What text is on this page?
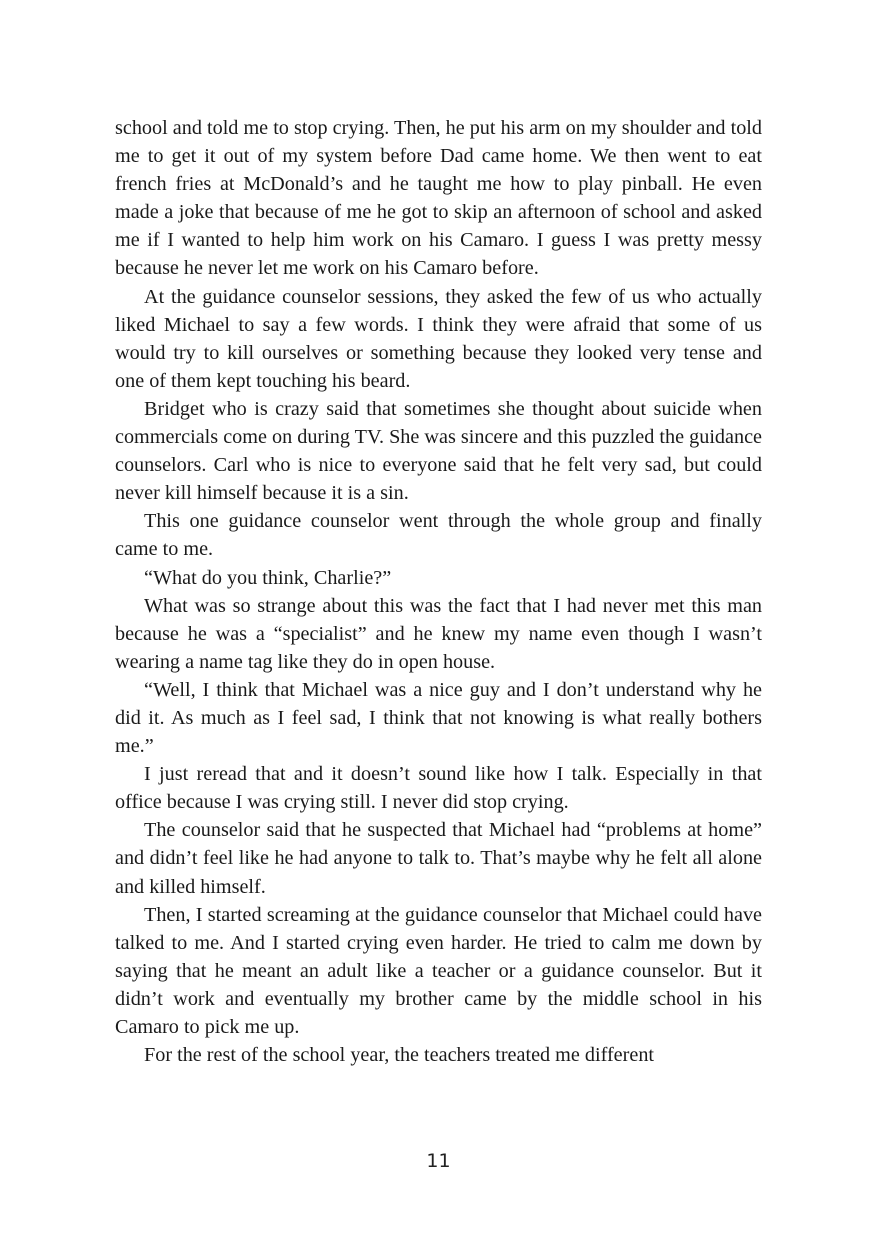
school and told me to stop crying. Then, he put his arm on my shoulder and told me to get it out of my system before Dad came home. We then went to eat french fries at McDonald’s and he taught me how to play pinball. He even made a joke that because of me he got to skip an afternoon of school and asked me if I wanted to help him work on his Camaro. I guess I was pretty messy because he never let me work on his Camaro before.

At the guidance counselor sessions, they asked the few of us who actually liked Michael to say a few words. I think they were afraid that some of us would try to kill ourselves or something because they looked very tense and one of them kept touching his beard.

Bridget who is crazy said that sometimes she thought about suicide when commercials come on during TV. She was sincere and this puzzled the guidance counselors. Carl who is nice to everyone said that he felt very sad, but could never kill himself because it is a sin.

This one guidance counselor went through the whole group and finally came to me.

“What do you think, Charlie?”

What was so strange about this was the fact that I had never met this man because he was a “specialist” and he knew my name even though I wasn’t wearing a name tag like they do in open house.

“Well, I think that Michael was a nice guy and I don’t understand why he did it. As much as I feel sad, I think that not knowing is what really bothers me.”

I just reread that and it doesn’t sound like how I talk. Especially in that office because I was crying still. I never did stop crying.

The counselor said that he suspected that Michael had “problems at home” and didn’t feel like he had anyone to talk to. That’s maybe why he felt all alone and killed himself.

Then, I started screaming at the guidance counselor that Michael could have talked to me. And I started crying even harder. He tried to calm me down by saying that he meant an adult like a teacher or a guidance counselor. But it didn’t work and eventually my brother came by the middle school in his Camaro to pick me up.

For the rest of the school year, the teachers treated me different

11
